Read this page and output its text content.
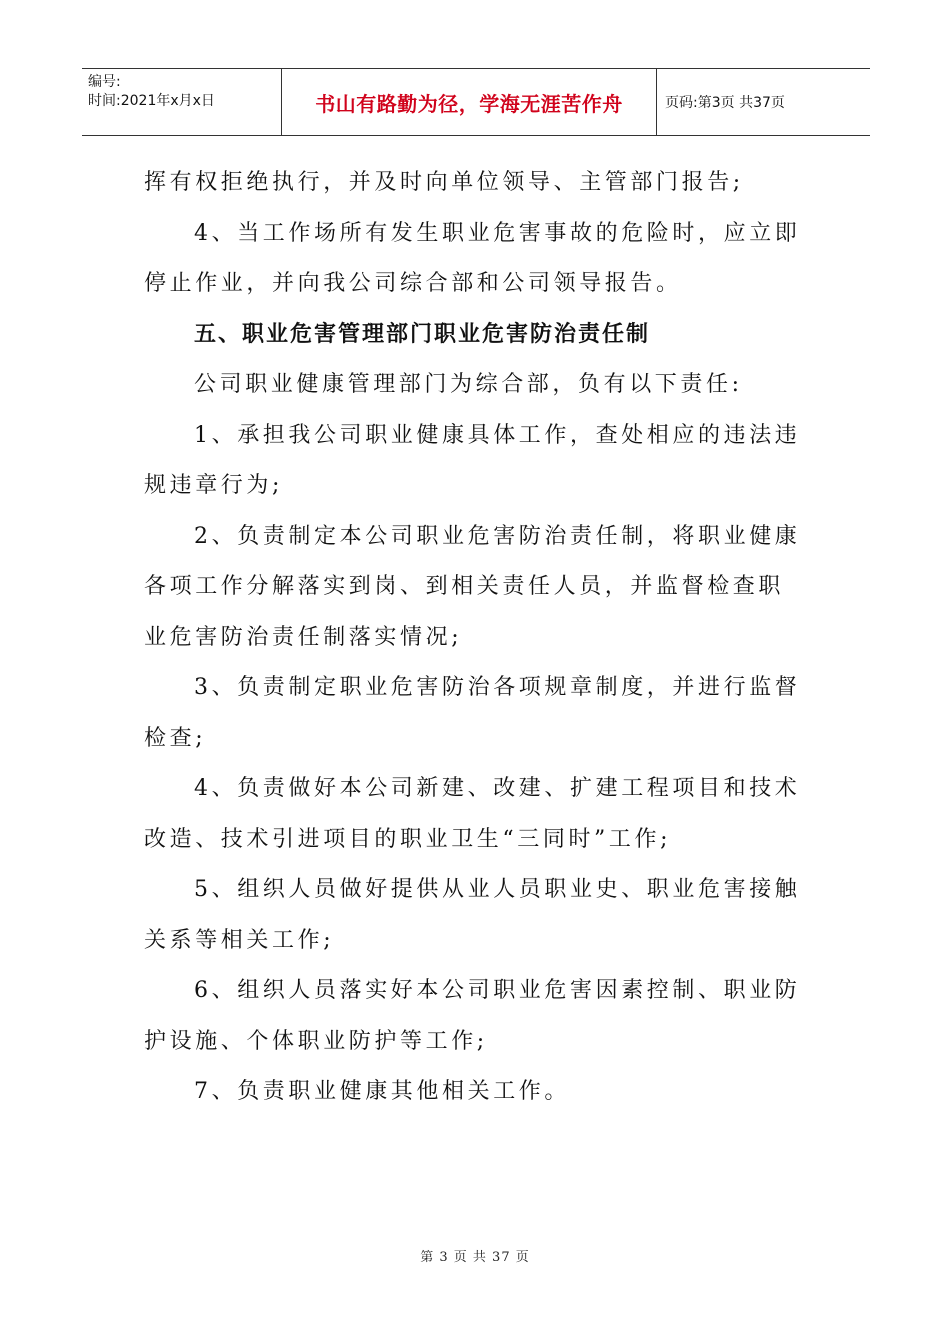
编号:
时间:2021年x月x日	书山有路勤为径，学海无涯苦作舟	页码:第3页 共37页

挥有权拒绝执行，并及时向单位领导、主管部门报告;

4、当工作场所有发生职业危害事故的危险时，应立即停止作业，并向我公司综合部和公司领导报告。

五、职业危害管理部门职业危害防治责任制

公司职业健康管理部门为综合部，负有以下责任:

1、承担我公司职业健康具体工作，查处相应的违法违规违章行为;

2、负责制定本公司职业危害防治责任制，将职业健康各项工作分解落实到岗、到相关责任人员，并监督检查职业危害防治责任制落实情况;

3、负责制定职业危害防治各项规章制度，并进行监督检查;

4、负责做好本公司新建、改建、扩建工程项目和技术改造、技术引进项目的职业卫生“三同时”工作;

5、组织人员做好提供从业人员职业史、职业危害接触关系等相关工作;

6、组织人员落实好本公司职业危害因素控制、职业防护设施、个体职业防护等工作;

7、负责职业健康其他相关工作。

第 3 页 共 37 页
